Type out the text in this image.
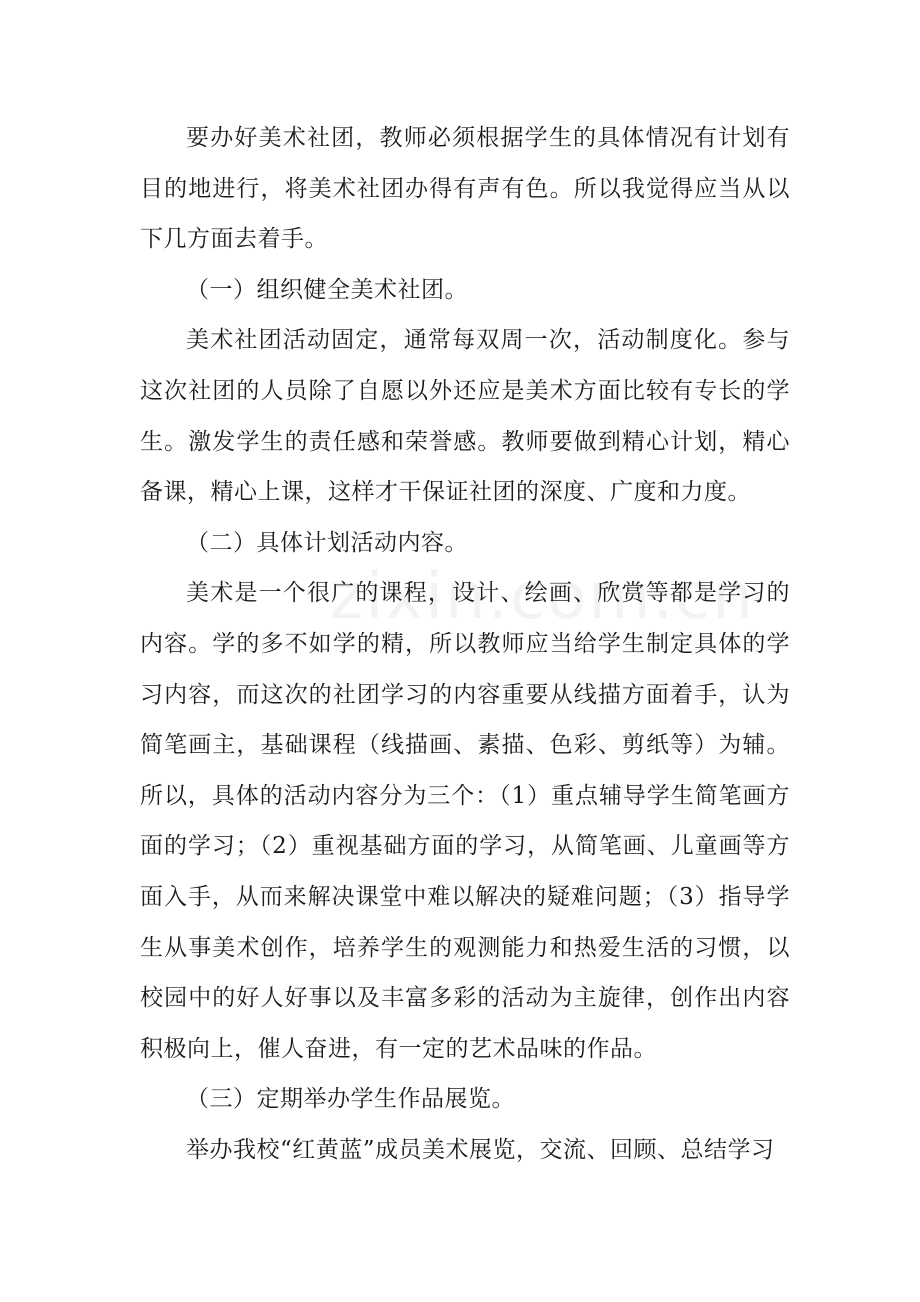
要办好美术社团，教师必须根据学生的具体情况有计划有目的地进行，将美术社团办得有声有色。所以我觉得应当从以下几方面去着手。

（一）组织健全美术社团。

美术社团活动固定，通常每双周一次，活动制度化。参与这次社团的人员除了自愿以外还应是美术方面比较有专长的学生。激发学生的责任感和荣誉感。教师要做到精心计划，精心备课，精心上课，这样才干保证社团的深度、广度和力度。

（二）具体计划活动内容。

美术是一个很广的课程，设计、绘画、欣赏等都是学习的内容。学的多不如学的精，所以教师应当给学生制定具体的学习内容，而这次的社团学习的内容重要从线描方面着手，认为简笔画主，基础课程（线描画、素描、色彩、剪纸等）为辅。所以，具体的活动内容分为三个：（1）重点辅导学生简笔画方面的学习；（2）重视基础方面的学习，从简笔画、儿童画等方面入手，从而来解决课堂中难以解决的疑难问题；（3）指导学生从事美术创作，培养学生的观测能力和热爱生活的习惯，以校园中的好人好事以及丰富多彩的活动为主旋律，创作出内容积极向上，催人奋进，有一定的艺术品味的作品。

（三）定期举办学生作品展览。

举办我校“红黄蓝”成员美术展览，交流、回顾、总结学习
